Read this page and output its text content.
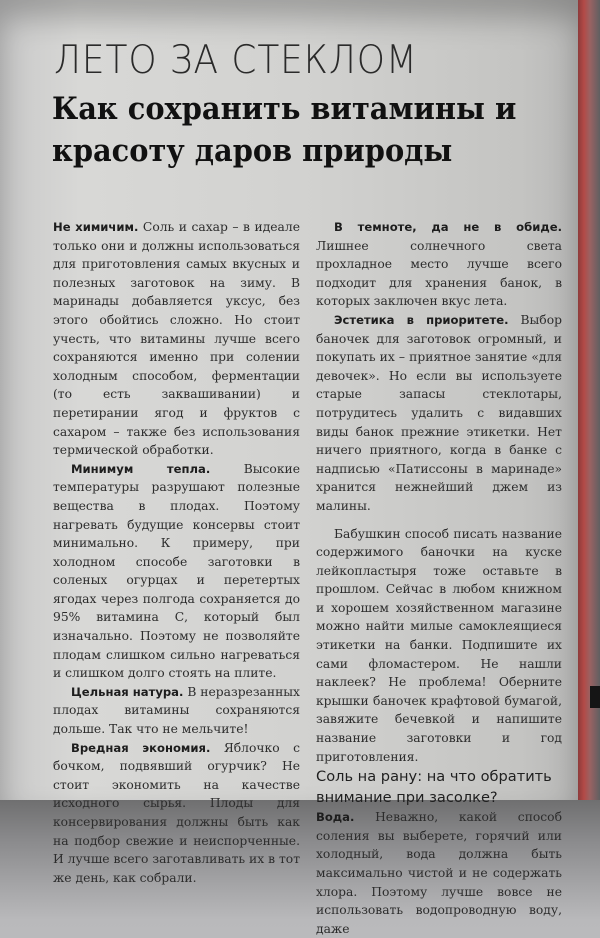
ЛЕТО ЗА СТЕКЛОМ
Как сохранить витамины и красоту даров природы

Не химичим. Соль и сахар – в идеале только они и должны использоваться для приготовления самых вкусных и полезных заготовок на зиму. В маринады добавляется уксус, без этого обойтись сложно. Но стоит учесть, что витамины лучше всего сохраняются именно при солении холодным способом, ферментации (то есть заквашивании) и перетирании ягод и фруктов с сахаром – также без использования термической обработки.

Минимум тепла. Высокие температуры разрушают полезные вещества в плодах. Поэтому нагревать будущие консервы стоит минимально. К примеру, при холодном способе заготовки в соленых огурцах и перетертых ягодах через полгода сохраняется до 95% витамина С, который был изначально. Поэтому не позволяйте плодам слишком сильно нагреваться и слишком долго стоять на плите.

Цельная натура. В неразрезанных плодах витамины сохраняются дольше. Так что не мельчите!

Вредная экономия. Яблочко с бочком, подвявший огурчик? Не стоит экономить на качестве исходного сырья. Плоды для консервирования должны быть как на подбор свежие и неиспорченные. И лучше всего заготавливать их в тот же день, как собрали.

В темноте, да не в обиде. Лишнее солнечного света прохладное место лучше всего подходит для хранения банок, в которых заключен вкус лета.

Эстетика в приоритете. Выбор баночек для заготовок огромный, и покупать их – приятное занятие «для девочек». Но если вы используете старые запасы стеклотары, потрудитесь удалить с видавших виды банок прежние этикетки. Нет ничего приятного, когда в банке с надписью «Патиссоны в маринаде» хранится нежнейший джем из малины.

Бабушкин способ писать название содержимого баночки на куске лейкопластыря тоже оставьте в прошлом. Сейчас в любом книжном и хорошем хозяйственном магазине можно найти милые самоклеящиеся этикетки на банки. Подпишите их сами фломастером. Не нашли наклеек? Не проблема! Оберните крышки баночек крафтовой бумагой, завяжите бечевкой и напишите название заготовки и год приготовления.

Соль на рану: на что обратить внимание при засолке?

Вода. Неважно, какой способ соления вы выберете, горячий или холодный, вода должна быть максимально чистой и не содержать хлора. Поэтому лучше вовсе не использовать водопроводную воду, даже
